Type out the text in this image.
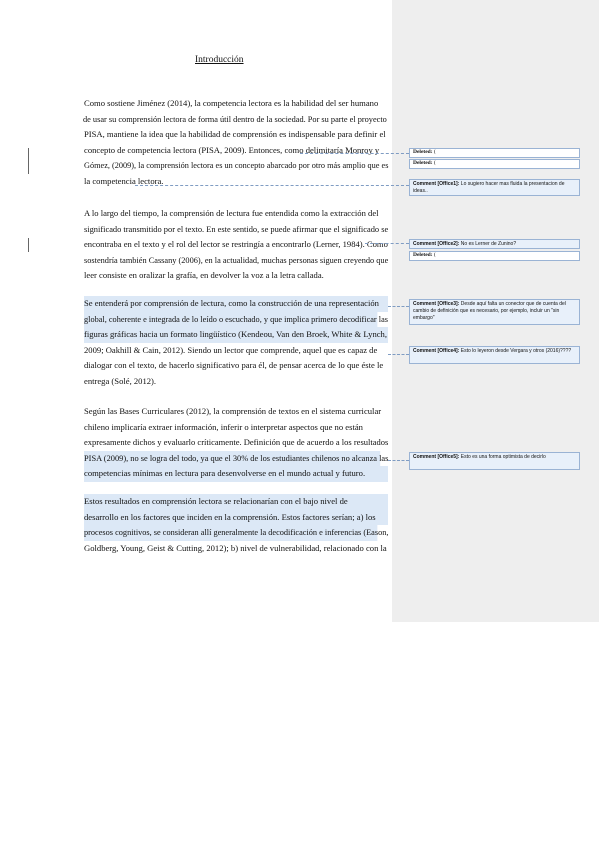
Introducción
Como sostiene Jiménez (2014), la competencia lectora es la habilidad del ser humano
de usar su comprensión lectora de forma útil dentro de la sociedad. Por su parte el proyecto
PISA, mantiene la idea que la habilidad de comprensión es indispensable para definir el
concepto de competencia lectora (PISA, 2009). Entonces, como delimitaría Monroy y
Gómez, (2009), la comprensión lectora es un concepto abarcado por otro más amplio que es
la competencia lectora.
A lo largo del tiempo, la comprensión de lectura fue entendida como la extracción del
significado transmitido por el texto. En este sentido, se puede afirmar que el significado se
encontraba en el texto y el rol del lector se restringía a encontrarlo (Lerner, 1984). Como
sostendría también Cassany (2006), en la actualidad, muchas personas siguen creyendo que
leer consiste en oralizar la grafía, en devolver la voz a la letra callada.
Se entenderá por comprensión de lectura, como la construcción de una representación
global, coherente e integrada de lo leído o escuchado, y que implica primero decodificar las
figuras gráficas hacia un formato lingüístico (Kendeou, Van den Broek, White & Lynch,
2009; Oakhill & Cain, 2012). Siendo un lector que comprende, aquel que es capaz de
dialogar con el texto, de hacerlo significativo para él, de pensar acerca de lo que éste le
entrega (Solé, 2012).
Según las Bases Curriculares (2012), la comprensión de textos en el sistema curricular
chileno implicaría extraer información, inferir o interpretar aspectos que no están
expresamente dichos y evaluarlo críticamente. Definición que de acuerdo a los resultados
PISA (2009), no se logra del todo, ya que el 30% de los estudiantes chilenos no alcanza las
competencias mínimas en lectura para desenvolverse en el mundo actual y futuro.
Estos resultados en comprensión lectora se relacionarían con el bajo nivel de
desarrollo en los factores que inciden en la comprensión. Estos factores serían; a) los
procesos cognitivos, se consideran allí generalmente la decodificación e inferencias (Eason,
Goldberg, Young, Geist & Cutting, 2012); b) nivel de vulnerabilidad, relacionado con la
Deleted: (
Deleted: (
Comment [Office1]: Lo sugiero hacer mas fluida la presentacion de ideas..
Comment [Office2]: No es Lerner de Zunino?
Deleted: (
Comment [Office3]: Desde aquí falta un conector que de cuenta del cambio de definición que es necesario, por ejemplo, incluir un "sin embargo"
Comment [Office4]: Esto lo leyeron desde Vergara y otros (2016)????
Comment [Office5]: Esto es una forma optimista de decirlo
